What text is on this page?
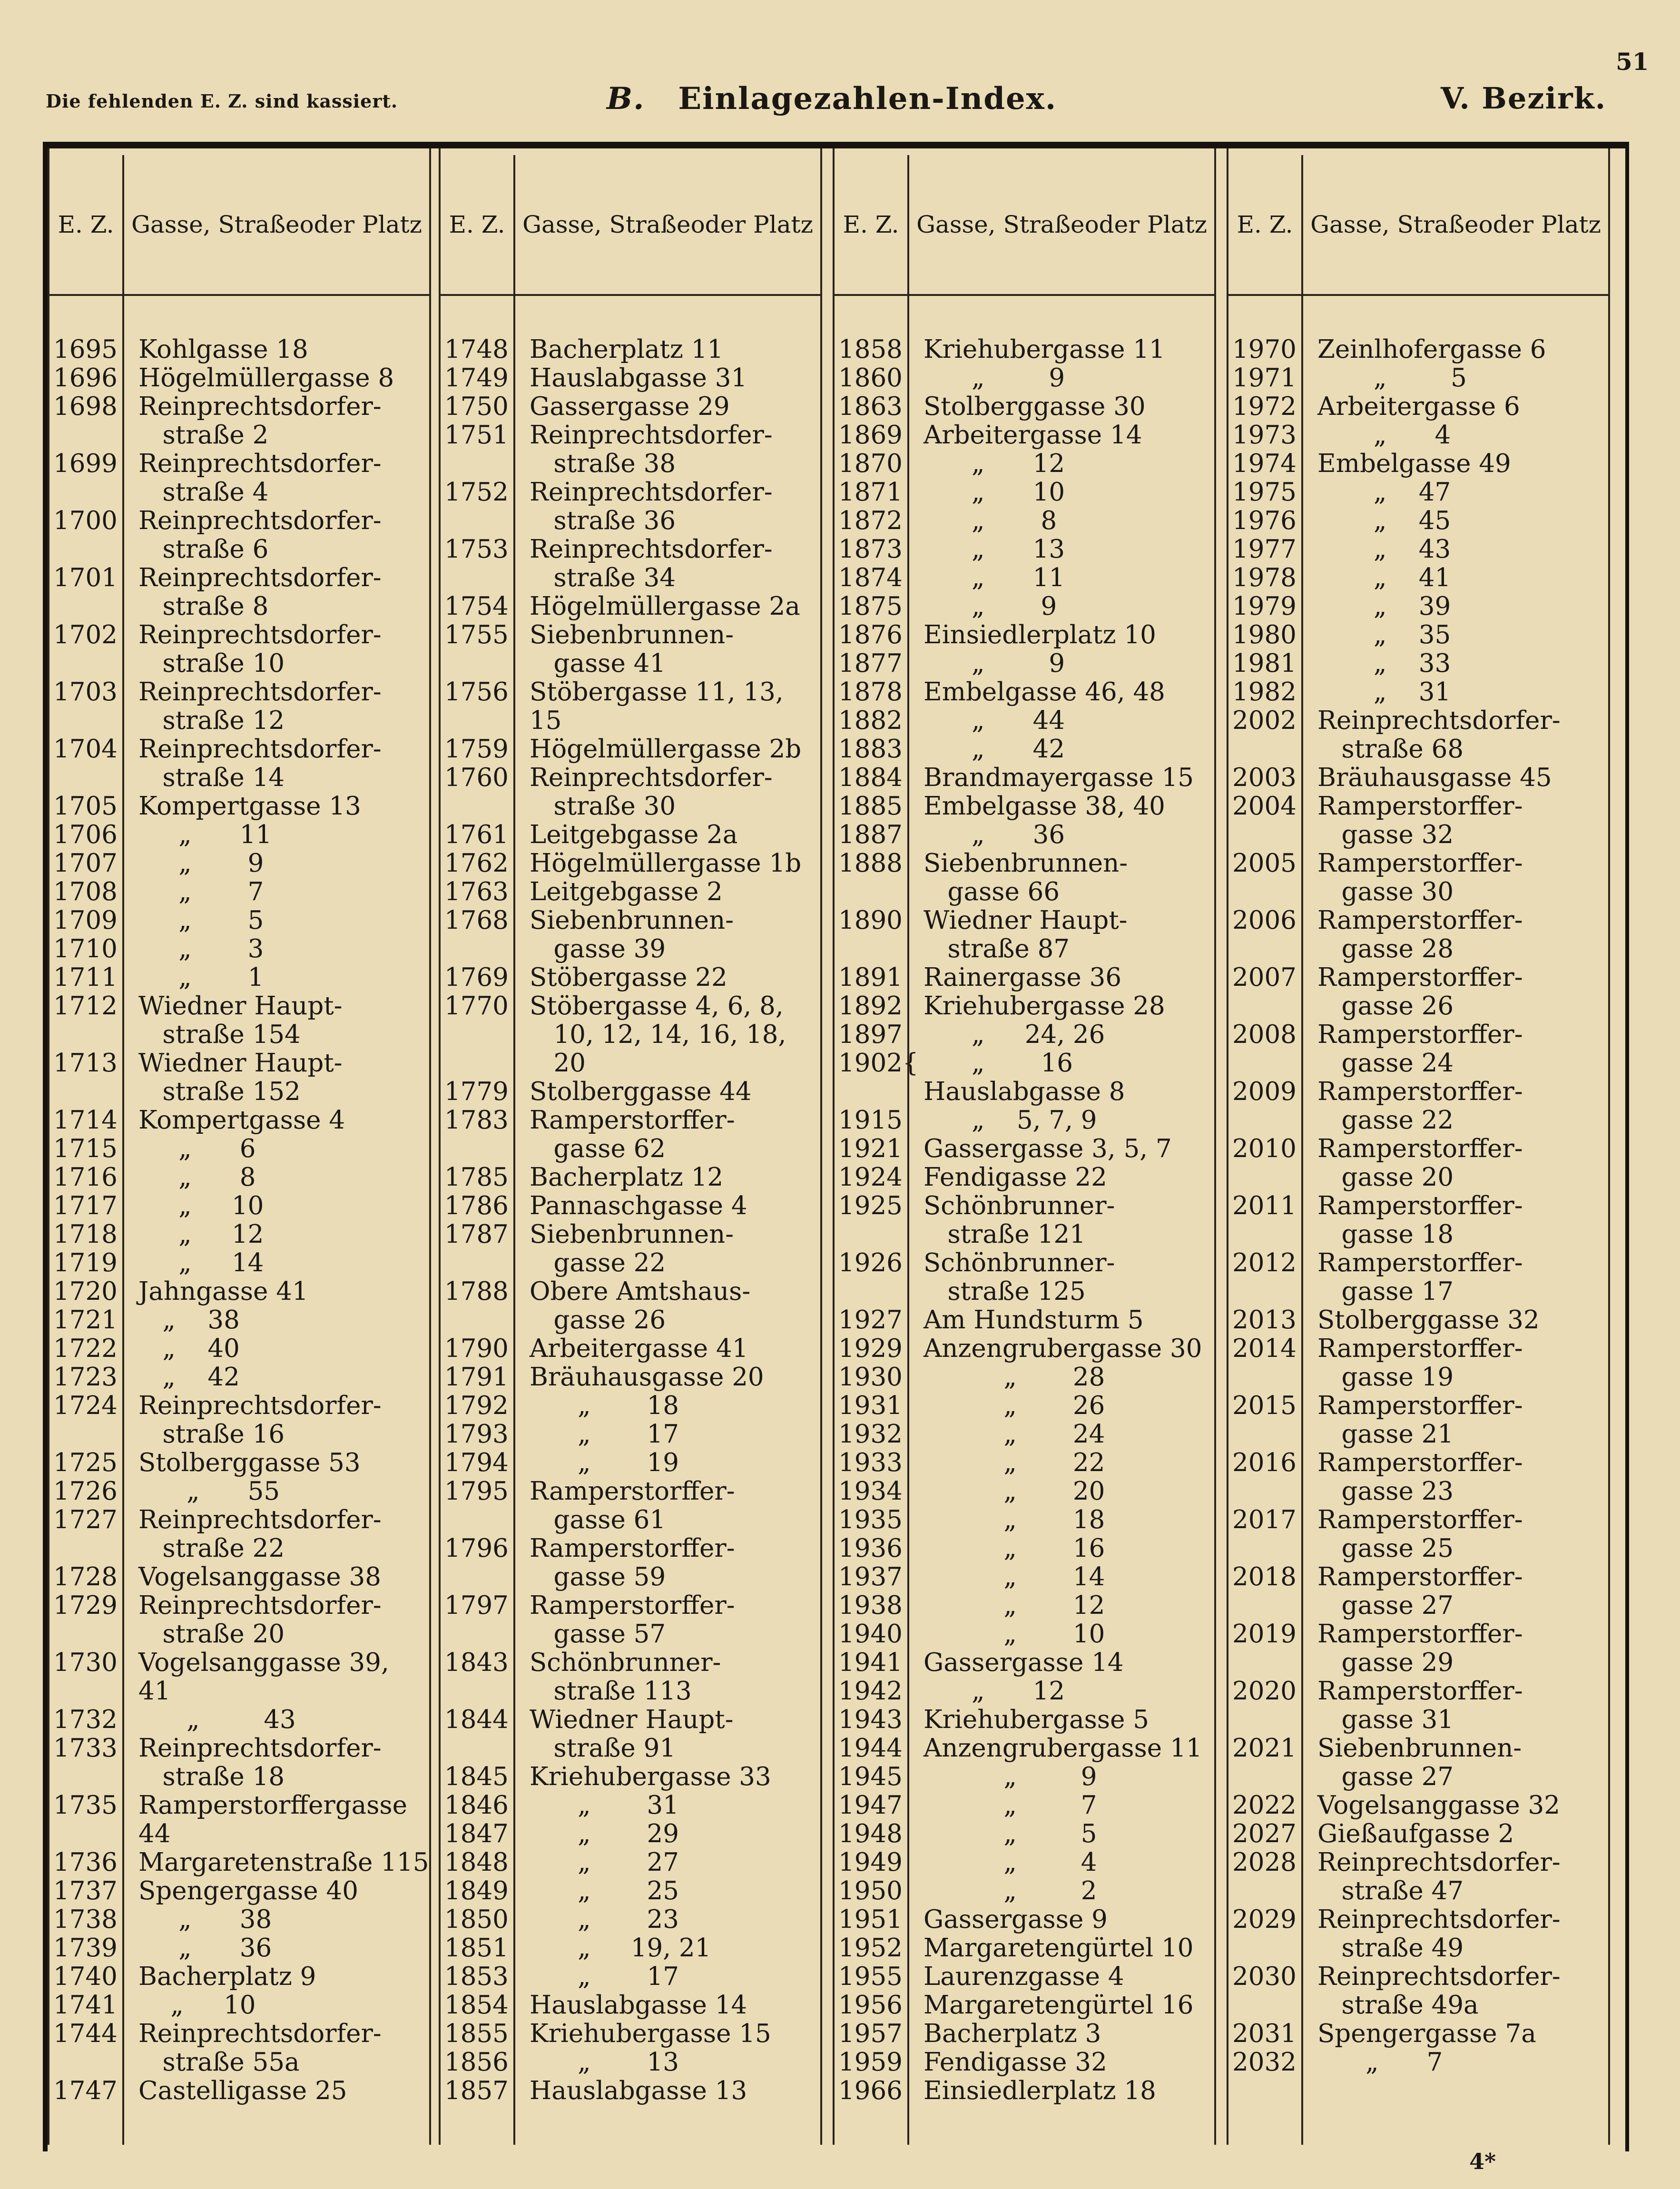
51
Die fehlenden E. Z. sind kassiert.	B. Einlagezahlen-Index.	V. Bezirk.
E. Z. Gasse, Straße oder Platz
1695 Kohlgasse 18
1696 Högelmüllergasse 8
1698 Reinprechtsdorfer-
straße 2
1699 Reinprechtsdorfer-
straße 4
1700 Reinprechtsdorfer-
straße 6
1701 Reinprechtsdorfer-
straße 8
1702 Reinprechtsdorfer-
straße 10
1703 Reinprechtsdorfer-
straße 12
1704 Reinprechtsdorfer-
straße 14
1705 Kompertgasse 13
1706 „      11
1707 „       9
1708 „       7
1709 „       5
1710 „       3
1711 „       1
1712 Wiedner Haupt-
straße 154
1713 Wiedner Haupt-
straße 152
1714 Kompertgasse 4
1715 „      6
1716 „      8
1717 „     10
1718 „     12
1719 „     14
1720 Jahngasse 41
1721 „    38
1722 „    40
1723 „    42
1724 Reinprechtsdorfer-
straße 16
1725 Stolberggasse 53
1726 „      55
1727 Reinprechtsdorfer-
straße 22
1728 Vogelsanggasse 38
1729 Reinprechtsdorfer-
straße 20
1730 Vogelsanggasse 39, 41
1732 „        43
1733 Reinprechtsdorfer-
straße 18
1735 Ramperstorffergasse 44
1736 Margaretenstraße 115
1737 Spengergasse 40
1738 „      38
1739 „      36
1740 Bacherplatz 9
1741 „     10
1744 Reinprechtsdorfer-
straße 55a
1747 Castelligasse 25
E. Z. Gasse, Straße oder Platz
1748 Bacherplatz 11
1749 Hauslabgasse 31
1750 Gassergasse 29
1751 Reinprechtsdorfer-
straße 38
1752 Reinprechtsdorfer-
straße 36
1753 Reinprechtsdorfer-
straße 34
1754 Högelmüllergasse 2a
1755 Siebenbrunnen-
gasse 41
1756 Stöbergasse 11, 13, 15
1759 Högelmüllergasse 2b
1760 Reinprechtsdorfer-
straße 30
1761 Leitgebgasse 2a
1762 Högelmüllergasse 1b
1763 Leitgebgasse 2
1768 Siebenbrunnen-
gasse 39
1769 Stöbergasse 22
1770 Stöbergasse 4, 6, 8,
10, 12, 14, 16, 18,
20
1779 Stolberggasse 44
1783 Ramperstorffer-
gasse 62
1785 Bacherplatz 12
1786 Pannaschgasse 4
1787 Siebenbrunnen-
gasse 22
1788 Obere Amtshaus-
gasse 26
1790 Arbeitergasse 41
1791 Bräuhausgasse 20
1792 „       18
1793 „       17
1794 „       19
1795 Ramperstorffer-
gasse 61
1796 Ramperstorffer-
gasse 59
1797 Ramperstorffer-
gasse 57
1843 Schönbrunner-
straße 113
1844 Wiedner Haupt-
straße 91
1845 Kriehubergasse 33
1846 „       31
1847 „       29
1848 „       27
1849 „       25
1850 „       23
1851 „     19, 21
1853 „       17
1854 Hauslabgasse 14
1855 Kriehubergasse 15
1856 „       13
1857 Hauslabgasse 13
E. Z. Gasse, Straße oder Platz
1858 Kriehubergasse 11
1860 „        9
1863 Stolberggasse 30
1869 Arbeitergasse 14
1870 „      12
1871 „      10
1872 „       8
1873 „      13
1874 „      11
1875 „       9
1876 Einsiedlerplatz 10
1877 „        9
1878 Embelgasse 46, 48
1882 „      44
1883 „      42
1884 Brandmayergasse 15
1885 Embelgasse 38, 40
1887 „      36
1888 Siebenbrunnen-
gasse 66
1890 Wiedner Haupt-
straße 87
1891 Rainergasse 36
1892 Kriehubergasse 28
1897 „     24, 26
1902{ „       16
Hauslabgasse 8
1915 „    5, 7, 9
1921 Gassergasse 3, 5, 7
1924 Fendigasse 22
1925 Schönbrunner-
straße 121
1926 Schönbrunner-
straße 125
1927 Am Hundsturm 5
1929 Anzengrubergasse 30
1930 „       28
1931 „       26
1932 „       24
1933 „       22
1934 „       20
1935 „       18
1936 „       16
1937 „       14
1938 „       12
1940 „       10
1941 Gassergasse 14
1942 „      12
1943 Kriehubergasse 5
1944 Anzengrubergasse 11
1945 „        9
1947 „        7
1948 „        5
1949 „        4
1950 „        2
1951 Gassergasse 9
1952 Margaretengürtel 10
1955 Laurenzgasse 4
1956 Margaretengürtel 16
1957 Bacherplatz 3
1959 Fendigasse 32
1966 Einsiedlerplatz 18
E. Z. Gasse, Straße oder Platz
1970 Zeinlhofergasse 6
1971 „        5
1972 Arbeitergasse 6
1973 „      4
1974 Embelgasse 49
1975 „    47
1976 „    45
1977 „    43
1978 „    41
1979 „    39
1980 „    35
1981 „    33
1982 „    31
2002 Reinprechtsdorfer-
straße 68
2003 Bräuhausgasse 45
2004 Ramperstorffer-
gasse 32
2005 Ramperstorffer-
gasse 30
2006 Ramperstorffer-
gasse 28
2007 Ramperstorffer-
gasse 26
2008 Ramperstorffer-
gasse 24
2009 Ramperstorffer-
gasse 22
2010 Ramperstorffer-
gasse 20
2011 Ramperstorffer-
gasse 18
2012 Ramperstorffer-
gasse 17
2013 Stolberggasse 32
2014 Ramperstorffer-
gasse 19
2015 Ramperstorffer-
gasse 21
2016 Ramperstorffer-
gasse 23
2017 Ramperstorffer-
gasse 25
2018 Ramperstorffer-
gasse 27
2019 Ramperstorffer-
gasse 29
2020 Ramperstorffer-
gasse 31
2021 Siebenbrunnen-
gasse 27
2022 Vogelsanggasse 32
2027 Gießaufgasse 2
2028 Reinprechtsdorfer-
straße 47
2029 Reinprechtsdorfer-
straße 49
2030 Reinprechtsdorfer-
straße 49a
2031 Spengergasse 7a
2032 „      7
4*
